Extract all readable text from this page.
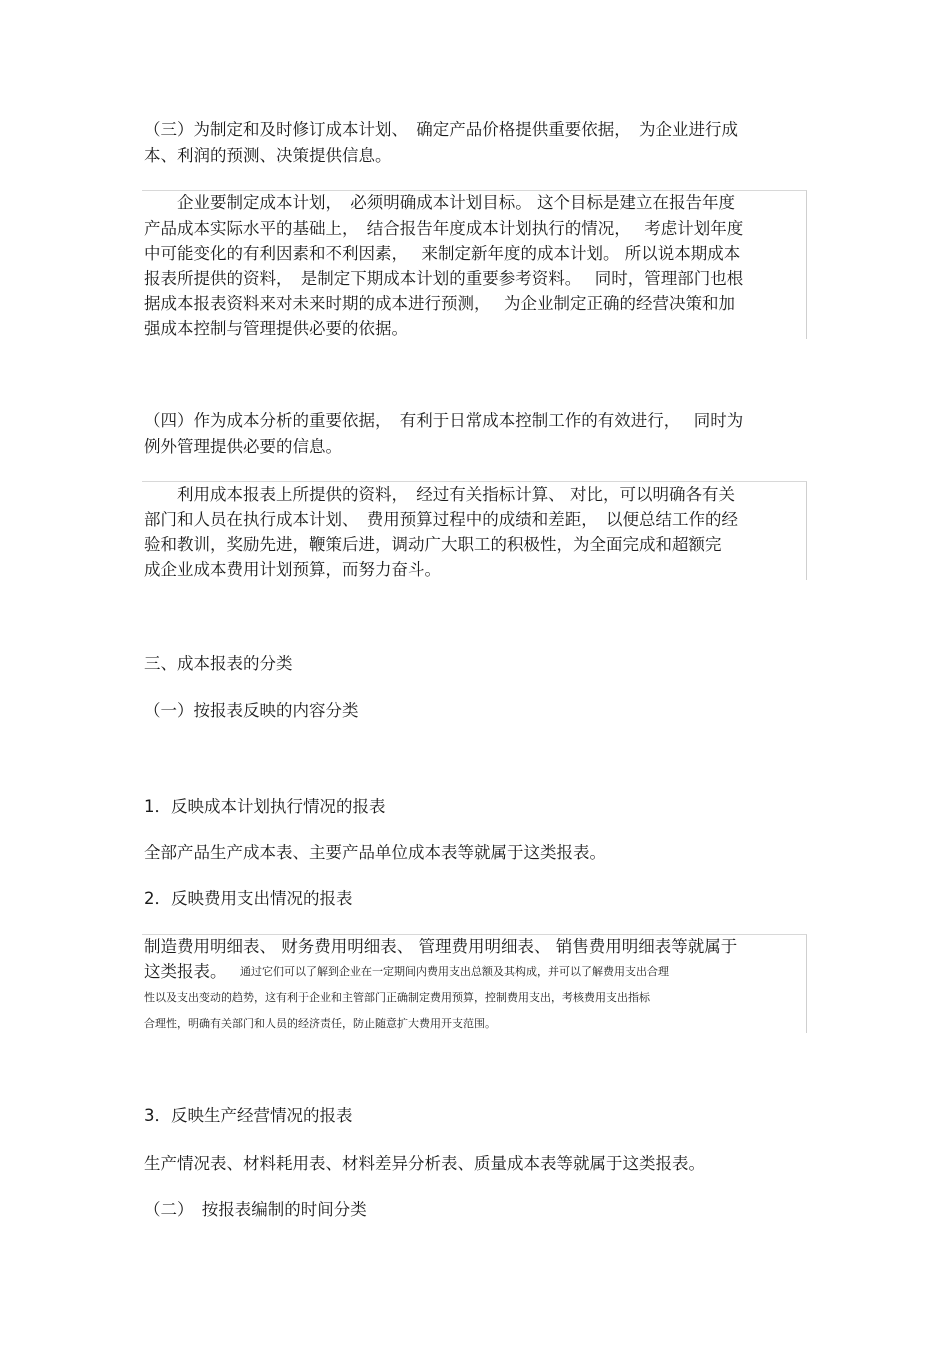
（三）为制定和及时修订成本计划、　确定产品价格提供重要依据，　为企业进行成
本、利润的预测、决策提供信息。
　　企业要制定成本计划，　必须明确成本计划目标。 这个目标是建立在报告年度
产品成本实际水平的基础上，　结合报告年度成本计划执行的情况，　 考虑计划年度
中可能变化的有利因素和不利因素，　 来制定新年度的成本计划。 所以说本期成本
报表所提供的资料，　是制定下期成本计划的重要参考资料。　 同时，管理部门也根
据成本报表资料来对未来时期的成本进行预测，　 为企业制定正确的经营决策和加
强成本控制与管理提供必要的依据。
（四）作为成本分析的重要依据，　有利于日常成本控制工作的有效进行，　 同时为
例外管理提供必要的信息。
　　利用成本报表上所提供的资料，　经过有关指标计算、 对比，可以明确各有关
部门和人员在执行成本计划、　费用预算过程中的成绩和差距，　以便总结工作的经
验和教训，奖励先进，鞭策后进，调动广大职工的积极性，为全面完成和超额完
成企业成本费用计划预算，而努力奋斗。
三、成本报表的分类
（一）按报表反映的内容分类
1．反映成本计划执行情况的报表
全部产品生产成本表、主要产品单位成本表等就属于这类报表。
2．反映费用支出情况的报表
制造费用明细表、 财务费用明细表、 管理费用明细表、 销售费用明细表等就属于
这类报表。 通过它们可以了解到企业在一定期间内费用支出总额及其构成，并可以了解费用支出合理
性以及支出变动的趋势，这有利于企业和主管部门正确制定费用预算，控制费用支出，考核费用支出指标
合理性，明确有关部门和人员的经济责任，防止随意扩大费用开支范围。
3．反映生产经营情况的报表
生产情况表、材料耗用表、材料差异分析表、质量成本表等就属于这类报表。
（二）　按报表编制的时间分类
